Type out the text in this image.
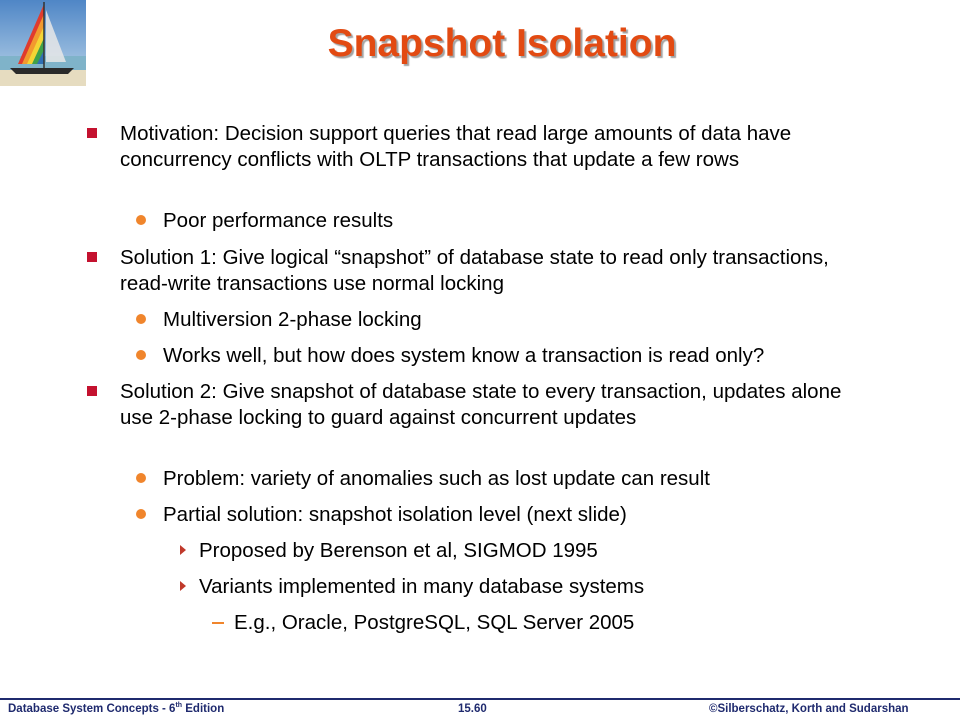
Snapshot Isolation

Motivation: Decision support queries that read large amounts of data have concurrency conflicts with OLTP transactions that update a few rows

Poor performance results

Solution 1: Give logical “snapshot” of database state to read only transactions, read-write transactions use normal locking

Multiversion 2-phase locking

Works well, but how does system know a transaction is read only?

Solution 2: Give snapshot of database state to every transaction, updates alone use 2-phase locking to guard against concurrent updates

Problem: variety of anomalies such as lost update can result

Partial solution: snapshot isolation level (next slide)

Proposed by Berenson et al, SIGMOD 1995

Variants implemented in many database systems

E.g., Oracle, PostgreSQL, SQL Server 2005

Database System Concepts - 6th Edition	15.60	©Silberschatz, Korth and Sudarshan
